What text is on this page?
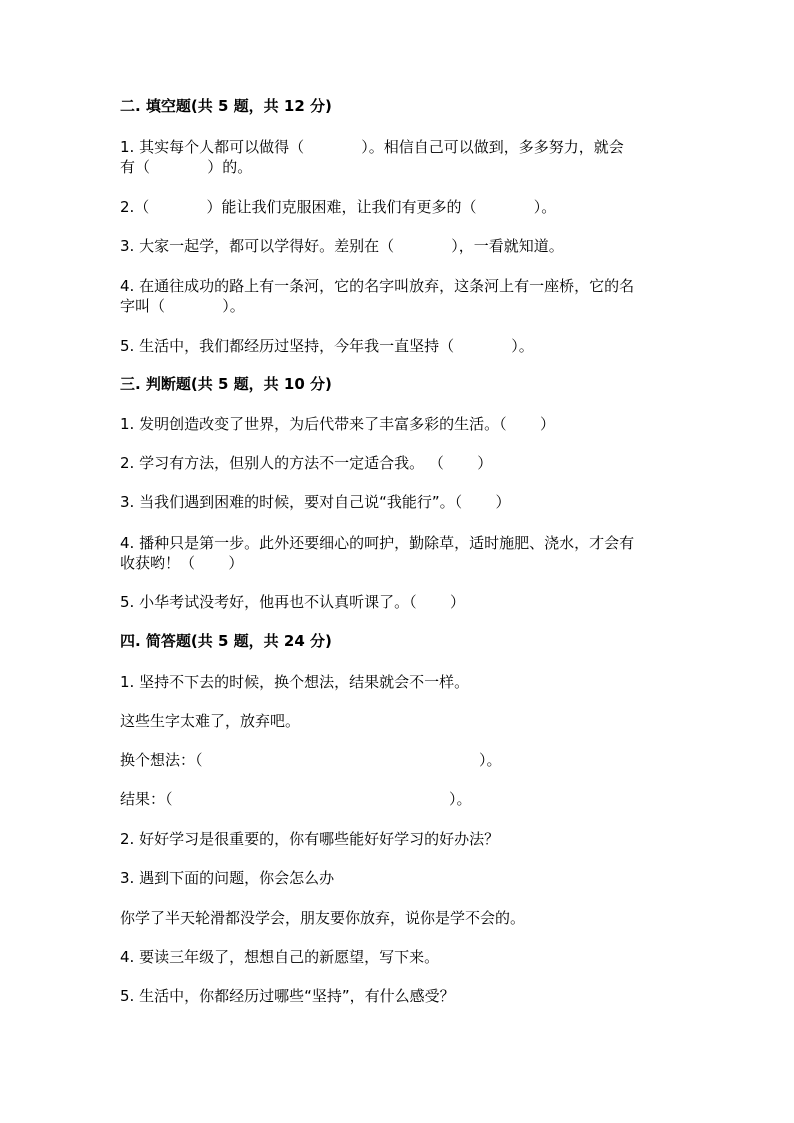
二. 填空题(共 5 题，共 12 分)
1. 其实每个人都可以做得（            ）。相信自己可以做到，多多努力，就会
有（            ）的。
2.（            ）能让我们克服困难，让我们有更多的（            ）。
3. 大家一起学，都可以学得好。差别在（            ），一看就知道。
4. 在通往成功的路上有一条河，它的名字叫放弃，这条河上有一座桥，它的名
字叫（            ）。
5. 生活中，我们都经历过坚持，今年我一直坚持（            ）。
三. 判断题(共 5 题，共 10 分)
1. 发明创造改变了世界，为后代带来了丰富多彩的生活。（       ）
2. 学习有方法，但别人的方法不一定适合我。 （       ）
3. 当我们遇到困难的时候，要对自己说“我能行”。（       ）
4. 播种只是第一步。此外还要细心的呵护，勤除草，适时施肥、浇水，才会有
收获哟！（       ）
5. 小华考试没考好，他再也不认真听课了。（       ）
四. 简答题(共 5 题，共 24 分)
1. 坚持不下去的时候，换个想法，结果就会不一样。
这些生字太难了，放弃吧。
换个想法：（                                                          ）。
结果：（                                                          ）。
2. 好好学习是很重要的，你有哪些能好好学习的好办法？
3. 遇到下面的问题，你会怎么办
你学了半天轮滑都没学会，朋友要你放弃，说你是学不会的。
4. 要读三年级了，想想自己的新愿望，写下来。
5. 生活中，你都经历过哪些“坚持”，有什么感受？
